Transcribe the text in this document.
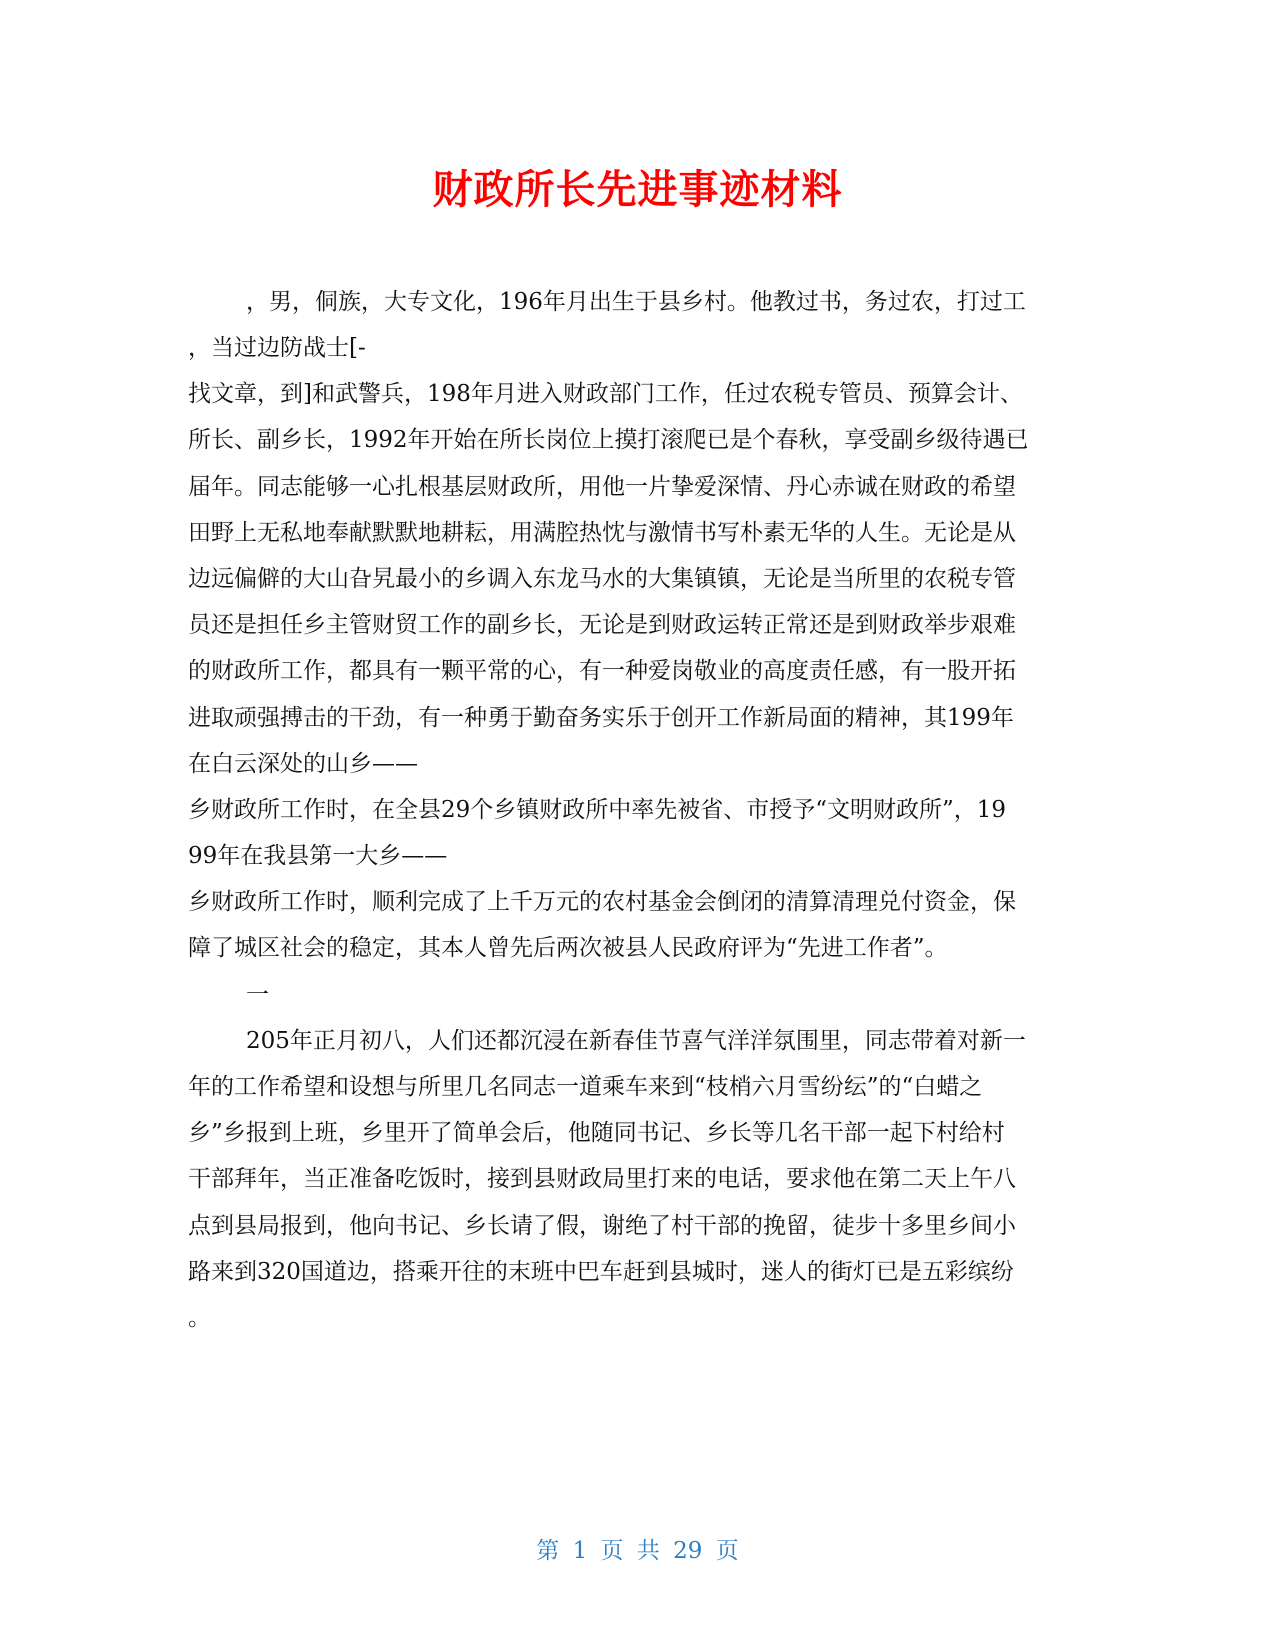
财政所长先进事迹材料
，男，侗族，大专文化，196年月出生于县乡村。他教过书，务过农，打过工
，当过边防战士[-
找文章，到]和武警兵，198年月进入财政部门工作，任过农税专管员、预算会计、
所长、副乡长，1992年开始在所长岗位上摸打滚爬已是个春秋，享受副乡级待遇已
届年。同志能够一心扎根基层财政所，用他一片挚爱深情、丹心赤诚在财政的希望
田野上无私地奉献默默地耕耘，用满腔热忱与激情书写朴素无华的人生。无论是从
边远偏僻的大山旮旯最小的乡调入东龙马水的大集镇镇，无论是当所里的农税专管
员还是担任乡主管财贸工作的副乡长，无论是到财政运转正常还是到财政举步艰难
的财政所工作，都具有一颗平常的心，有一种爱岗敬业的高度责任感，有一股开拓
进取顽强搏击的干劲，有一种勇于勤奋务实乐于创开工作新局面的精神，其199年
在白云深处的山乡——
乡财政所工作时，在全县29个乡镇财政所中率先被省、市授予“文明财政所”，19
99年在我县第一大乡——
乡财政所工作时，顺利完成了上千万元的农村基金会倒闭的清算清理兑付资金，保
障了城区社会的稳定，其本人曾先后两次被县人民政府评为“先进工作者”。
一
205年正月初八，人们还都沉浸在新春佳节喜气洋洋氛围里，同志带着对新一
年的工作希望和设想与所里几名同志一道乘车来到“枝梢六月雪纷纭”的“白蜡之
乡”乡报到上班，乡里开了简单会后，他随同书记、乡长等几名干部一起下村给村
干部拜年，当正准备吃饭时，接到县财政局里打来的电话，要求他在第二天上午八
点到县局报到，他向书记、乡长请了假，谢绝了村干部的挽留，徒步十多里乡间小
路来到320国道边，搭乘开往的末班中巴车赶到县城时，迷人的街灯已是五彩缤纷
。
第 1 页 共 29 页
